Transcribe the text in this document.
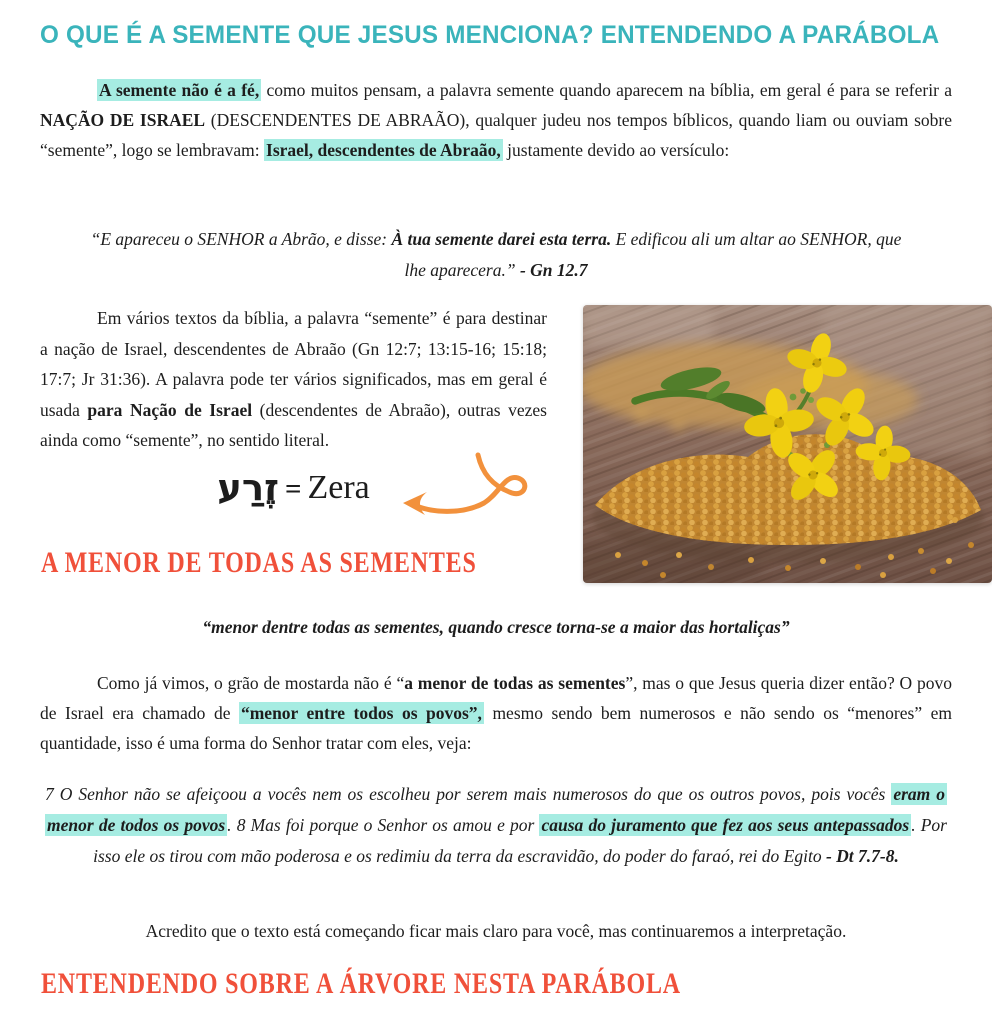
O QUE É A SEMENTE QUE JESUS MENCIONA? ENTENDENDO A PARÁBOLA

A semente não é a fé, como muitos pensam, a palavra semente quando aparecem na bíblia, em geral é para se referir a NAÇÃO DE ISRAEL (DESCENDENTES DE ABRAÃO), qualquer judeu nos tempos bíblicos, quando liam ou ouviam sobre “semente”, logo se lembravam: Israel, descendentes de Abraão, justamente devido ao versículo:

“E apareceu o SENHOR a Abrão, e disse: À tua semente darei esta terra. E edificou ali um altar ao SENHOR, que lhe aparecera.” - Gn 12.7

Em vários textos da bíblia, a palavra “semente” é para destinar a nação de Israel, descendentes de Abraão (Gn 12:7; 13:15-16; 15:18; 17:7; Jr 31:36). A palavra pode ter vários significados, mas em geral é usada para Nação de Israel (descendentes de Abraão), outras vezes ainda como “semente”, no sentido literal.

זֶרַע = Zera
A MENOR DE TODAS AS SEMENTES

“menor dentre todas as sementes, quando cresce torna-se a maior das hortaliças”

Como já vimos, o grão de mostarda não é “a menor de todas as sementes”, mas o que Jesus queria dizer então? O povo de Israel era chamado de “menor entre todos os povos”, mesmo sendo bem numerosos e não sendo os “menores” em quantidade, isso é uma forma do Senhor tratar com eles, veja:

7 O Senhor não se afeiçoou a vocês nem os escolheu por serem mais numerosos do que os outros povos, pois vocês eram o menor de todos os povos . 8 Mas foi porque o Senhor os amou e por causa do juramento que fez aos seus antepassados . Por isso ele os tirou com mão poderosa e os redimiu da terra da escravidão, do poder do faraó, rei do Egito - Dt 7.7-8.

Acredito que o texto está começando ficar mais claro para você, mas continuaremos a interpretação.

ENTENDENDO SOBRE A ÁRVORE NESTA PARÁBOLA
